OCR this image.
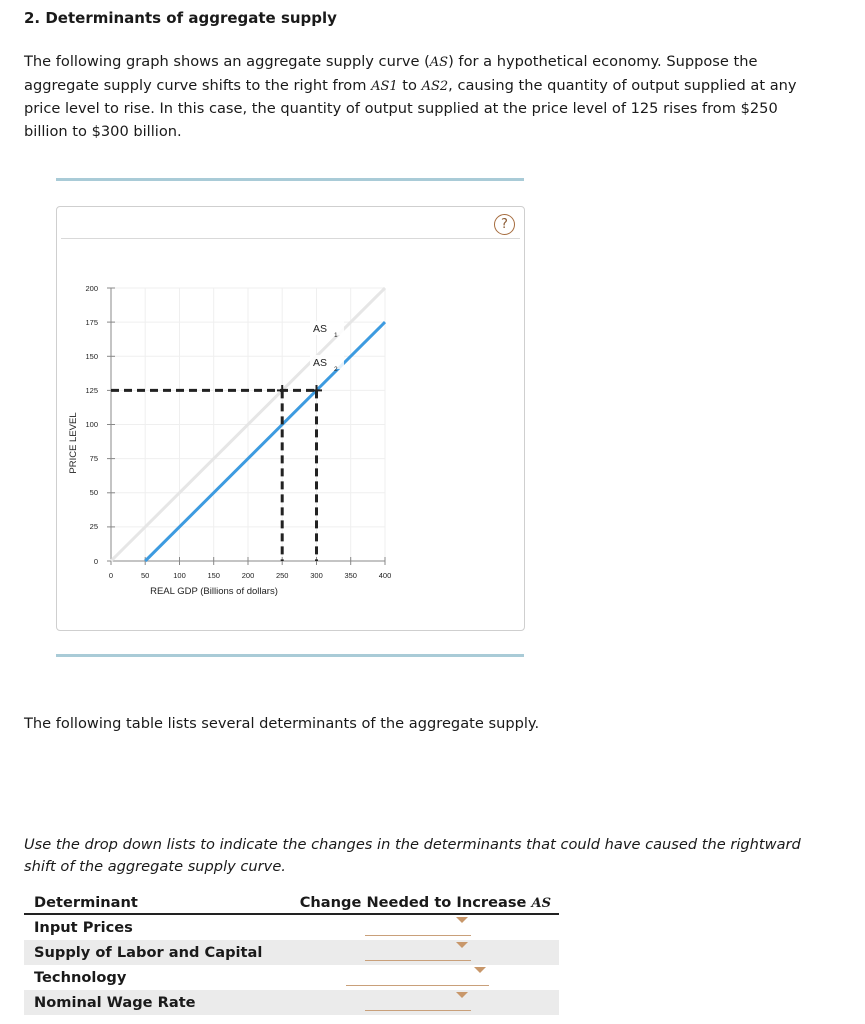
2. Determinants of aggregate supply
The following graph shows an aggregate supply curve (AS) for a hypothetical economy. Suppose the aggregate supply curve shifts to the right from AS1 to AS2, causing the quantity of output supplied at any price level to rise. In this case, the quantity of output supplied at the price level of 125 rises from $250 billion to $300 billion.
?
200
175
150
125
100
75
50
25
0
0	50	100	150	200	250	300	350	400
REAL GDP (Billions of dollars)
PRICE LEVEL
AS
1
AS
2
The following table lists several determinants of the aggregate supply.
Use the drop down lists to indicate the changes in the determinants that could have caused the rightward shift of the aggregate supply curve.
Determinant	Change Needed to Increase AS
Input Prices	

Supply of Labor and Capital	

Technology	

Nominal Wage Rate	
